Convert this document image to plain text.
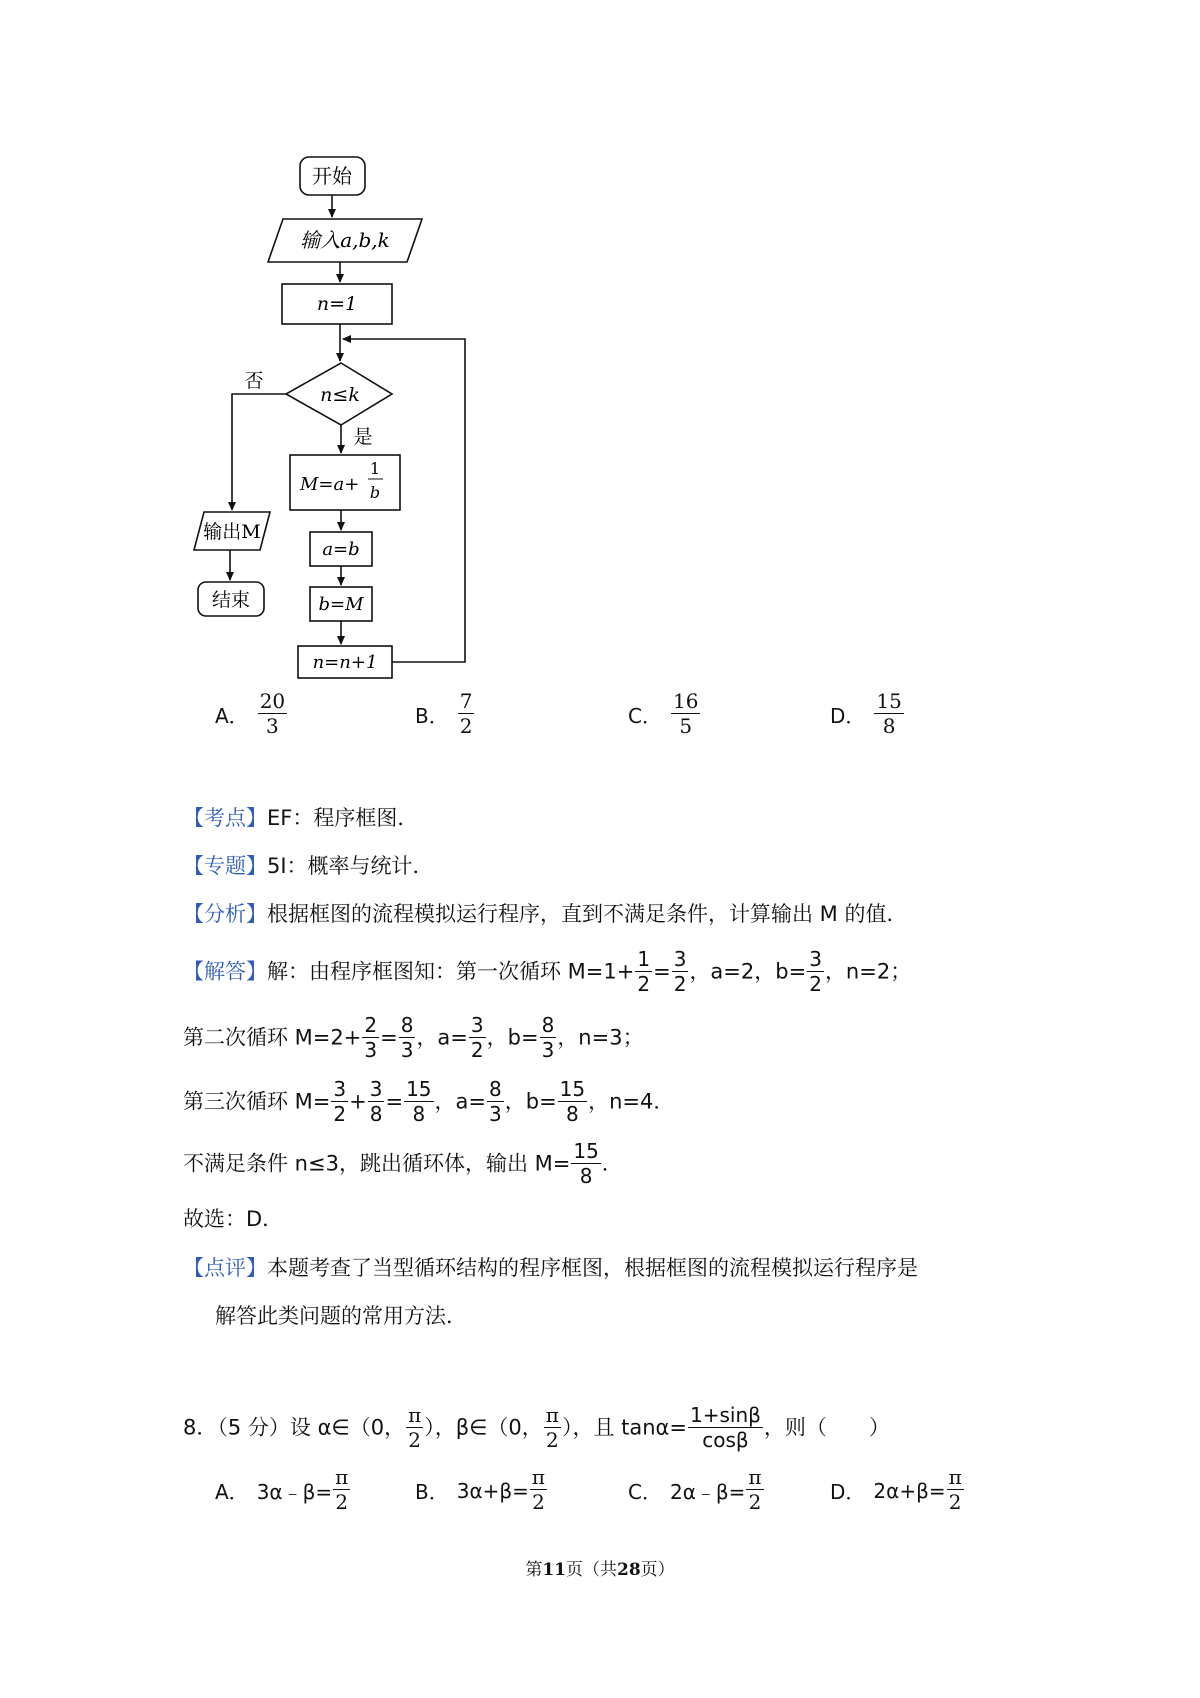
开始
输入a,b,k
n=1
n≤k
否
是
M=a+
1
b
a=b
b=M
n=n+1
输出M
结束
A． $\frac{20}{3}$	B． $\frac{7}{2}$	C． $\frac{16}{5}$	D． $\frac{15}{8}$
【考点】EF：程序框图．
【专题】5I：概率与统计．
【分析】根据框图的流程模拟运行程序，直到不满足条件，计算输出 M 的值．
【解答】解：由程序框图知：第一次循环 $M=1+ \frac{1}{2} = \frac{3}{2}$ ，a=2，$b= \frac{3}{2}$ ，n=2；
第二次循环 $M=2+ \frac{2}{3} = \frac{8}{3}$ ，$a= \frac{3}{2}$ ，$b= \frac{8}{3}$ ，n=3；
第三次循环 $M= \frac{3}{2} + \frac{3}{8} = \frac{15}{8}$ ，$a= \frac{8}{3}$ ，$b= \frac{15}{8}$ ，n=4．
不满足条件 n≤3，跳出循环体，输出 $M= \frac{15}{8}$ ．
故选：D．
【点评】本题考查了当型循环结构的程序框图，根据框图的流程模拟运行程序是
解答此类问题的常用方法．
8．（5 分）设 α∈（0， $\frac{\pi}{2}$ ），β∈（0， $\frac{\pi}{2}$ ），且 $\tan\alpha= \frac{1+\sin\beta}{\cos\beta}$ ，则（　　）
A． 3α﹣β= $\frac{\pi}{2}$	B． $3\alpha+\beta= \frac{\pi}{2}$	C． 2α﹣β= $\frac{\pi}{2}$	D． $2\alpha+\beta= \frac{\pi}{2}$
第11页（共28页）
